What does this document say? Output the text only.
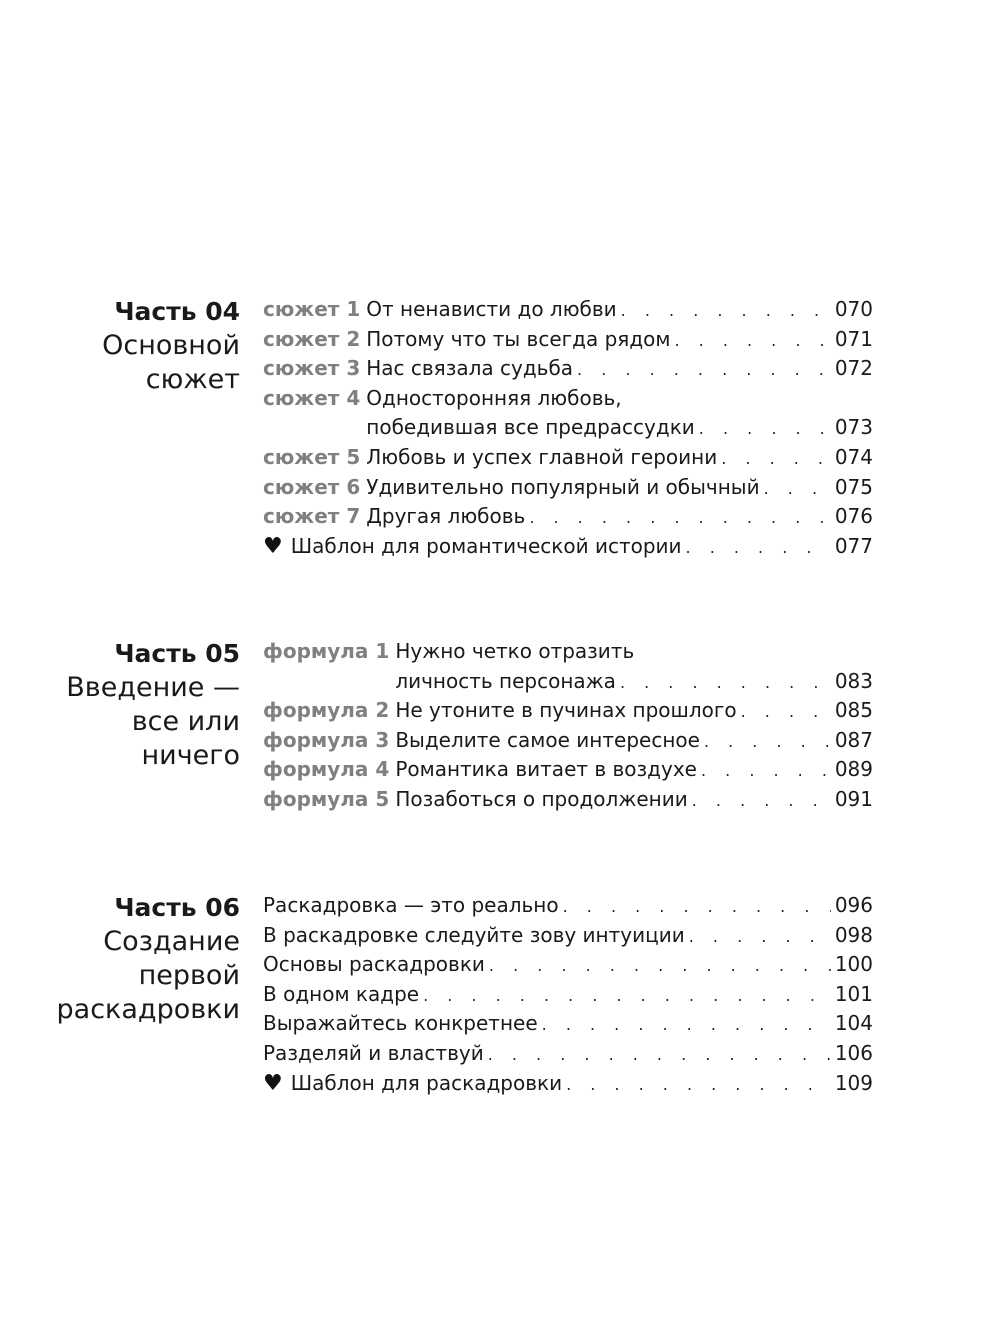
Часть 04
Основной
сюжет
сюжет 1 От ненависти до любви . . .	070
сюжет 2 Потому что ты всегда рядом . . .	071
сюжет 3 Нас связала судьба . . .	072
сюжет 4 Односторонняя любовь,
победившая все предрассудки . . .	073
сюжет 5 Любовь и успех главной героини . . .	074
сюжет 6 Удивительно популярный и обычный . . .	075
сюжет 7 Другая любовь . . .	076
♥ Шаблон для романтической истории . . .	077
Часть 05
Введение —
все или
ничего
формула 1 Нужно четко отразить
личность персонажа . . .	083
формула 2 Не утоните в пучинах прошлого . . .	085
формула 3 Выделите самое интересное . . .	087
формула 4 Романтика витает в воздухе . . .	089
формула 5 Позаботься о продолжении . . .	091
Часть 06
Создание
первой
раскадровки
Раскадровка — это реально . . .	096
В раскадровке следуйте зову интуиции . . .	098
Основы раскадровки . . .	100
В одном кадре . . .	101
Выражайтесь конкретнее . . .	104
Разделяй и властвуй . . .	106
♥ Шаблон для раскадровки . . .	109
